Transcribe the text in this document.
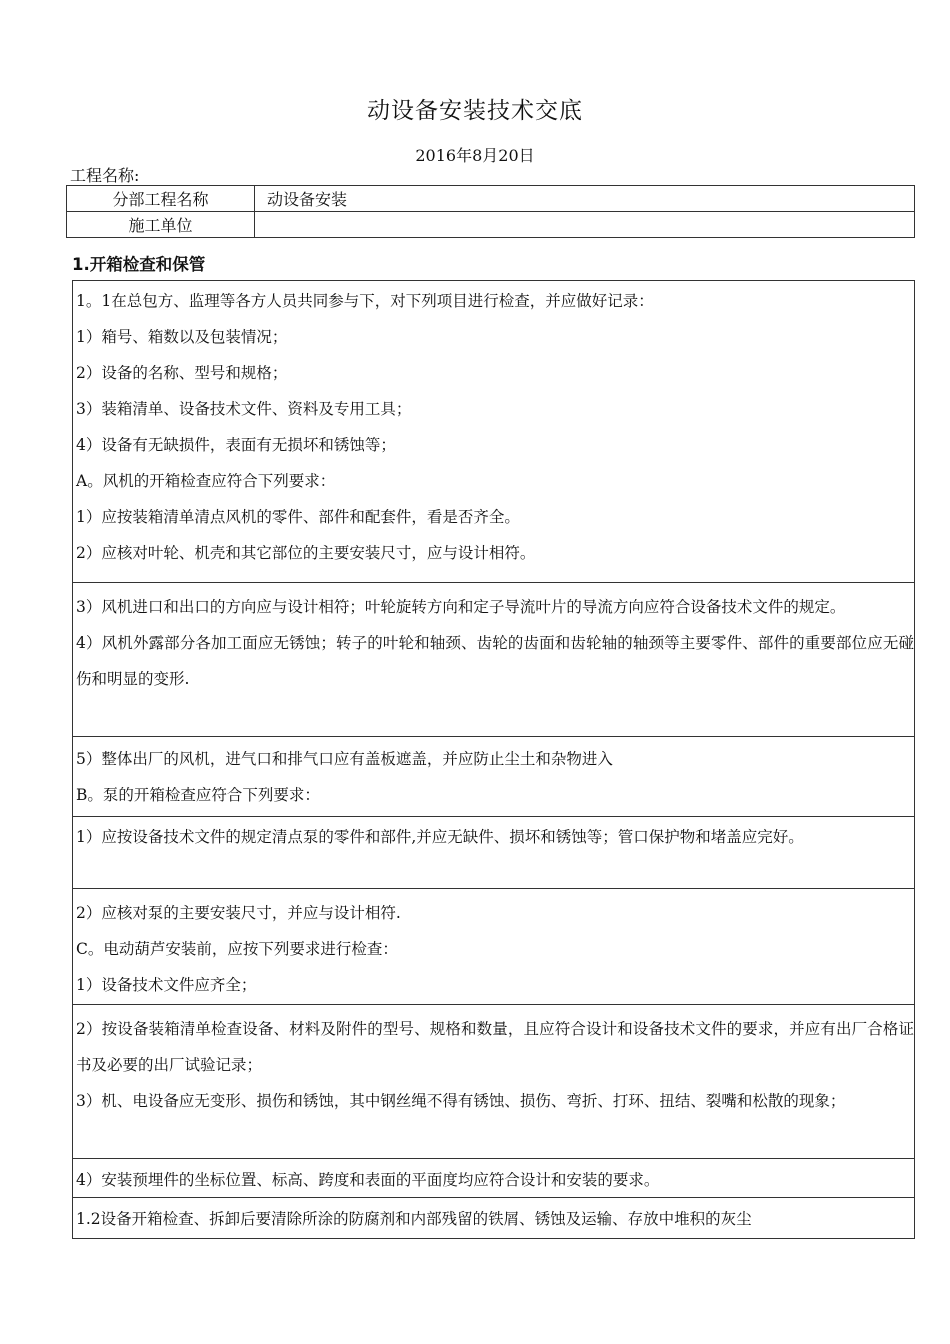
动设备安装技术交底
2016年8月20日
工程名称:
分部工程名称	动设备安装
施工单位	
1.开箱检查和保管

1。1在总包方、监理等各方人员共同参与下，对下列项目进行检查，并应做好记录：

1）箱号、箱数以及包装情况；

2）设备的名称、型号和规格；

3）装箱清单、设备技术文件、资料及专用工具；

4）设备有无缺损件，表面有无损坏和锈蚀等；

A。风机的开箱检查应符合下列要求：

1）应按装箱清单清点风机的零件、部件和配套件，看是否齐全。

2）应核对叶轮、机壳和其它部位的主要安装尺寸，应与设计相符。

3）风机进口和出口的方向应与设计相符；叶轮旋转方向和定子导流叶片的导流方向应符合设备技术文件的规定。

4）风机外露部分各加工面应无锈蚀；转子的叶轮和轴颈、齿轮的齿面和齿轮轴的轴颈等主要零件、部件的重要部位应无碰伤和明显的变形.

5）整体出厂的风机，进气口和排气口应有盖板遮盖，并应防止尘土和杂物进入

B。泵的开箱检查应符合下列要求：

1）应按设备技术文件的规定清点泵的零件和部件,并应无缺件、损坏和锈蚀等；管口保护物和堵盖应完好。

2）应核对泵的主要安装尺寸，并应与设计相符.

C。电动葫芦安装前，应按下列要求进行检查：

1）设备技术文件应齐全；

2）按设备装箱清单检查设备、材料及附件的型号、规格和数量，且应符合设计和设备技术文件的要求，并应有出厂合格证书及必要的出厂试验记录；

3）机、电设备应无变形、损伤和锈蚀，其中钢丝绳不得有锈蚀、损伤、弯折、打环、扭结、裂嘴和松散的现象；

4）安装预埋件的坐标位置、标高、跨度和表面的平面度均应符合设计和安装的要求。

1.2设备开箱检查、拆卸后要清除所涂的防腐剂和内部残留的铁屑、锈蚀及运输、存放中堆积的灰尘
